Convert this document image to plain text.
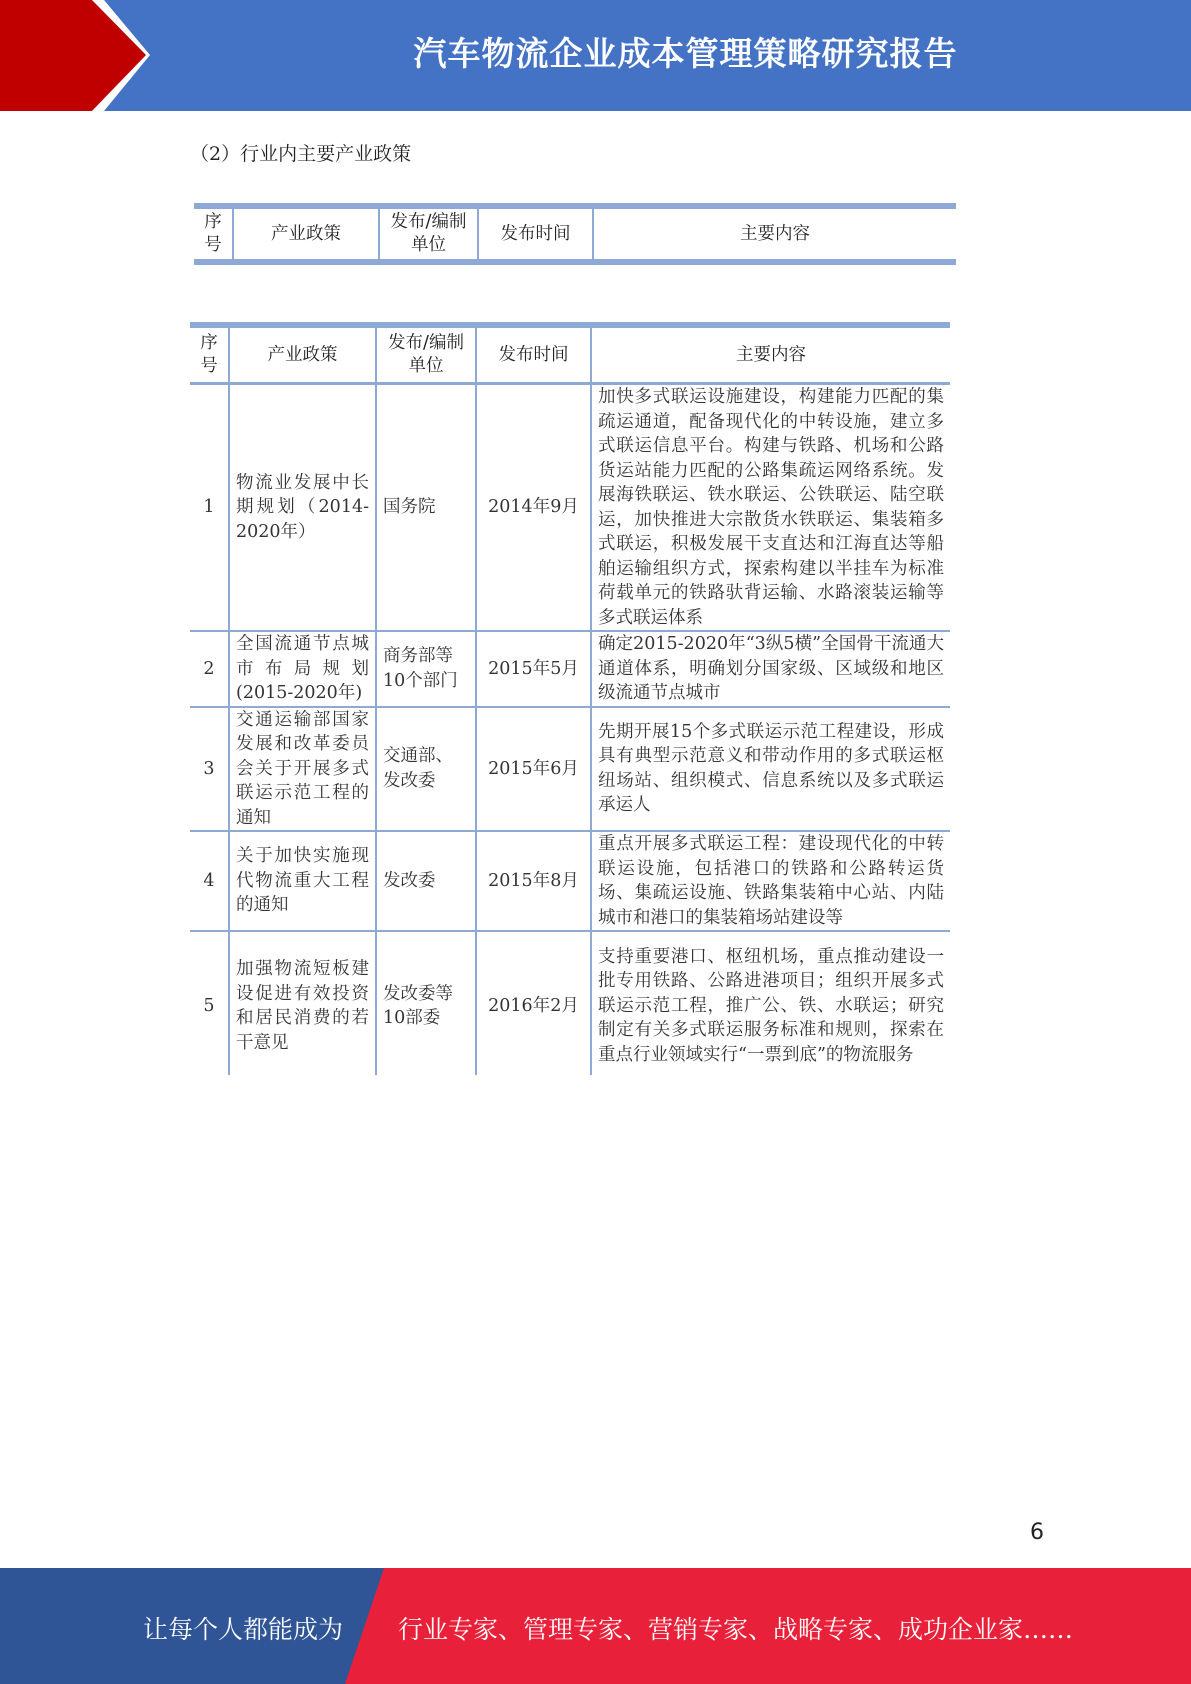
汽车物流企业成本管理策略研究报告
（2）行业内主要产业政策
序号	产业政策	发布/编制单位	发布时间	主要内容
序号	产业政策	发布/编制单位	发布时间	主要内容
1	物流业发展中长期规划（2014-2020年）	国务院	2014年9月	加快多式联运设施建设，构建能力匹配的集疏运通道，配备现代化的中转设施，建立多式联运信息平台。构建与铁路、机场和公路货运站能力匹配的公路集疏运网络系统。发展海铁联运、铁水联运、公铁联运、陆空联运，加快推进大宗散货水铁联运、集装箱多式联运，积极发展干支直达和江海直达等船舶运输组织方式，探索构建以半挂车为标准荷载单元的铁路驮背运输、水路滚装运输等多式联运体系
2	全国流通节点城市布局规划(2015-2020年)	商务部等10个部门	2015年5月	确定2015-2020年“3纵5横”全国骨干流通大通道体系，明确划分国家级、区域级和地区级流通节点城市
3	交通运输部国家发展和改革委员会关于开展多式联运示范工程的通知	交通部、发改委	2015年6月	先期开展15个多式联运示范工程建设，形成具有典型示范意义和带动作用的多式联运枢纽场站、组织模式、信息系统以及多式联运承运人
4	关于加快实施现代物流重大工程的通知	发改委	2015年8月	重点开展多式联运工程：建设现代化的中转联运设施，包括港口的铁路和公路转运货场、集疏运设施、铁路集装箱中心站、内陆城市和港口的集装箱场站建设等
5	加强物流短板建设促进有效投资和居民消费的若干意见	发改委等10部委	2016年2月	支持重要港口、枢纽机场，重点推动建设一批专用铁路、公路进港项目；组织开展多式联运示范工程，推广公、铁、水联运；研究制定有关多式联运服务标准和规则，探索在重点行业领域实行“一票到底”的物流服务

6
让每个人都能成为 行业专家、管理专家、营销专家、战略专家、成功企业家……
